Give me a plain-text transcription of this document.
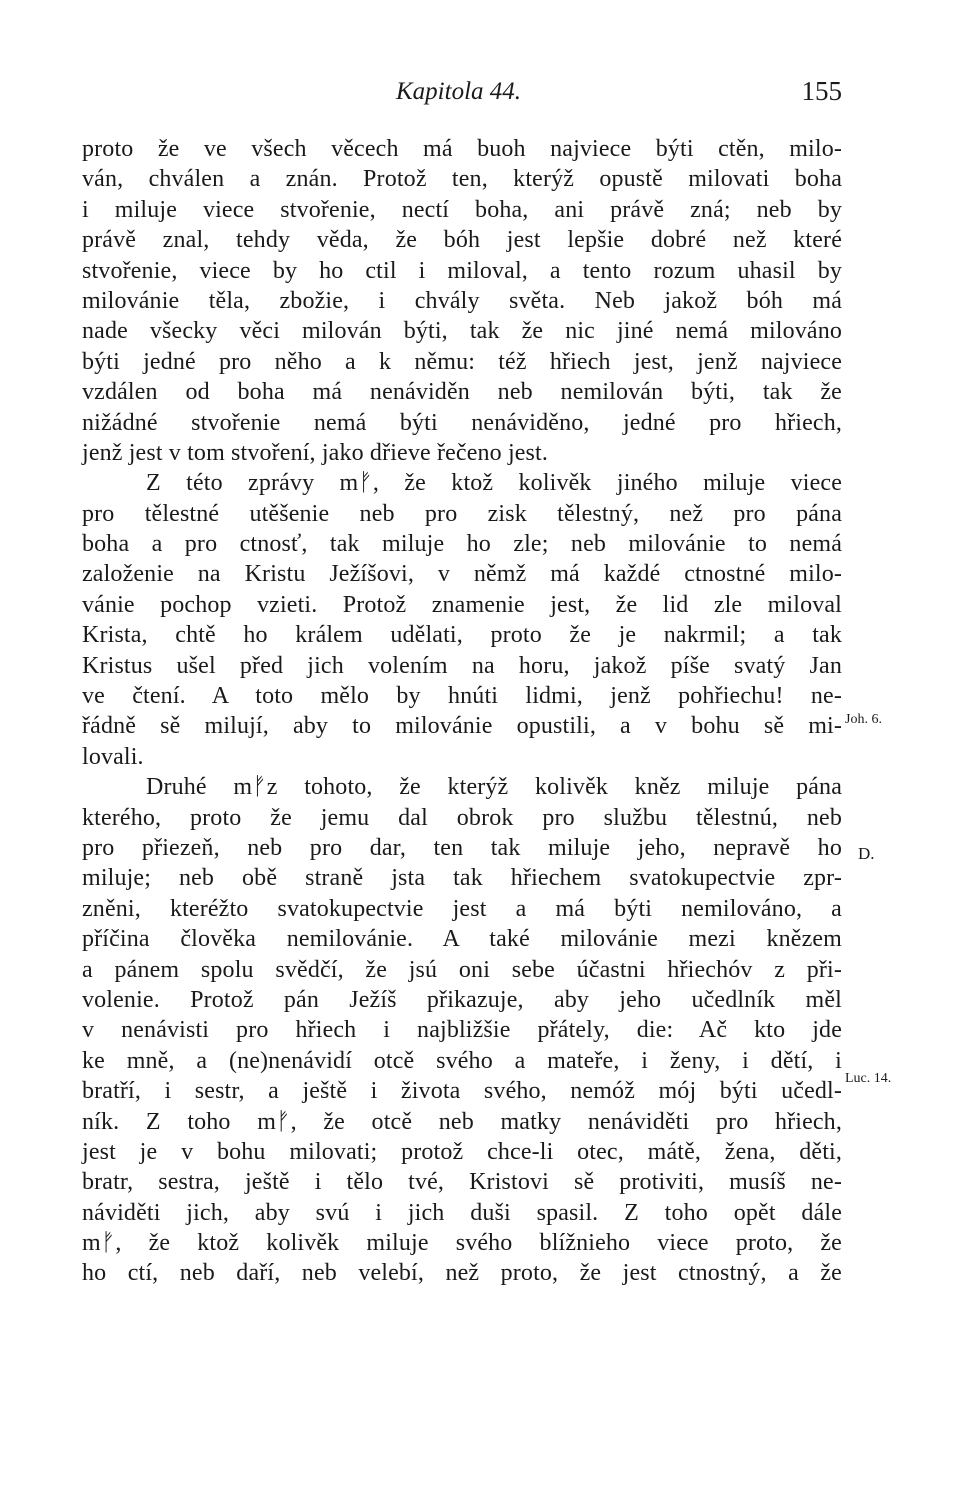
Kapitola 44.	155
proto že ve všech věcech má buoh najviece býti ctěn, milo-
ván, chválen a znán. Protož ten, kterýž opustě milovati boha
i miluje viece stvořenie, nectí boha, ani právě zná; neb by
právě znal, tehdy věda, že bóh jest lepšie dobré než které
stvořenie, viece by ho ctil i miloval, a tento rozum uhasil by
milovánie těla, zbožie, i chvály světa. Neb jakož bóh má
nade všecky věci milován býti, tak že nic jiné nemá milováno
býti jedné pro něho a k němu: též hřiech jest, jenž najviece
vzdálen od boha má nenáviděn neb nemilován býti, tak že
nižádné stvořenie nemá býti nenáviděno, jedné pro hřiech,
jenž jest v tom stvoření, jako dřieve řečeno jest.
Z této zprávy mᚠ, že ktož kolivěk jiného miluje viece
pro tělestné utěšenie neb pro zisk tělestný, než pro pána
boha a pro ctnosť, tak miluje ho zle; neb milovánie to nemá
založenie na Kristu Ježíšovi, v němž má každé ctnostné milo-
vánie pochop vzieti. Protož znamenie jest, že lid zle miloval
Krista, chtě ho králem udělati, proto že je nakrmil; a tak
Kristus ušel před jich volením na horu, jakož píše svatý Jan
ve čtení. A toto mělo by hnúti lidmi, jenž pohřiechu! ne-
řádně sě milují, aby to milovánie opustili, a v bohu sě mi-
lovali.
Druhé mᚠz tohoto, že kterýž kolivěk kněz miluje pána
kterého, proto že jemu dal obrok pro službu tělestnú, neb
pro přiezeň, neb pro dar, ten tak miluje jeho, nepravě ho
miluje; neb obě straně jsta tak hřiechem svatokupectvie zpr-
zněni, kteréžto svatokupectvie jest a má býti nemilováno, a
příčina člověka nemilovánie. A také milovánie mezi knězem
a pánem spolu svědčí, že jsú oni sebe účastni hřiechóv z při-
volenie. Protož pán Ježíš přikazuje, aby jeho učedlník měl
v nenávisti pro hřiech i najbližšie přátely, die: Ač kto jde
ke mně, a (ne)nenávidí otcě svého a mateře, i ženy, i dětí, i
bratří, i sestr, a ještě i života svého, nemóž mój býti učedl-
ník. Z toho mᚠ, že otcě neb matky nenáviděti pro hřiech,
jest je v bohu milovati; protož chce-li otec, mátě, žena, děti,
bratr, sestra, ještě i tělo tvé, Kristovi sě protiviti, musíš ne-
náviděti jich, aby svú i jich duši spasil. Z toho opět dále
mᚠ, že ktož kolivěk miluje svého blížnieho viece proto, že
ho ctí, neb daří, neb velebí, než proto, že jest ctnostný, a že
Joh. 6.
D.
Luc. 14.
